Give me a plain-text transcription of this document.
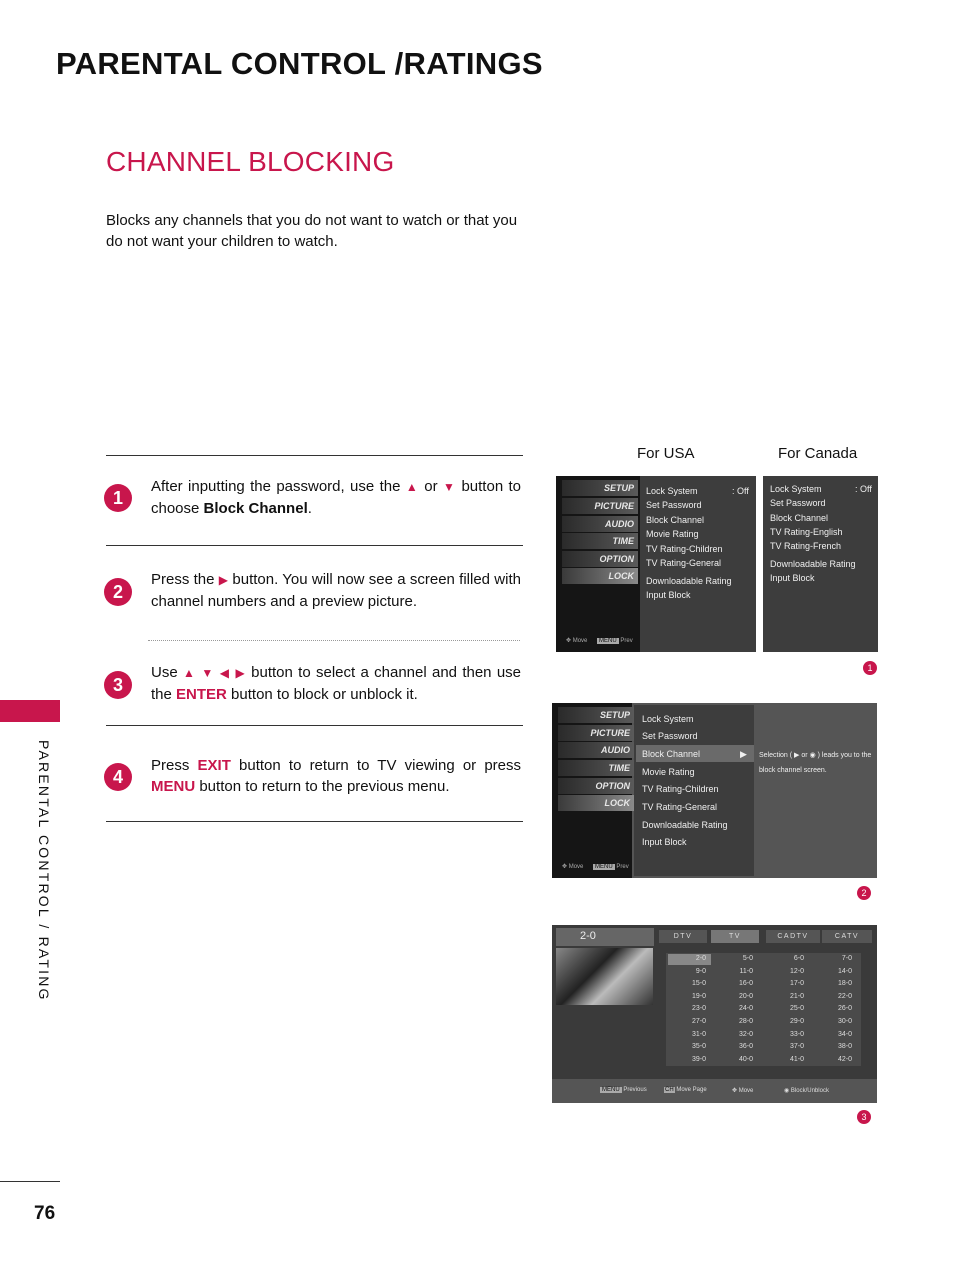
PARENTAL CONTROL /RATINGS
CHANNEL BLOCKING
Blocks any channels that you do not want to watch or that you do not want your children to watch.
1
After inputting the password, use the ▲ or ▼ button to choose Block Channel.
2
Press the ▶ button. You will now see a screen filled with channel numbers and a preview picture.
3
Use ▲ ▼ ◀ ▶ button to select a channel and then use the ENTER button to block or unblock it.
4
Press EXIT button to return to TV viewing or press MENU button to return to the previous menu.
PARENTAL CONTROL / RATING
76
For USA	For Canada
SETUP
PICTURE
AUDIO
TIME
OPTION
LOCK
✥ Move MENU Prev
Lock System	: Off
Set Password
Block Channel
Movie Rating
TV Rating-Children
TV Rating-General
Downloadable Rating
Input Block
Lock System	: Off
Set Password
Block Channel
TV Rating-English
TV Rating-French
Downloadable Rating
Input Block
1
SETUP
PICTURE
AUDIO
TIME
OPTION
LOCK
✥ Move MENU Prev
Lock System
Set Password
Block Channel	▶
Movie Rating
TV Rating-Children
TV Rating-General
Downloadable Rating
Input Block
Selection ( ▶ or ◉ ) leads you to the block channel screen.
2
2-0	DTV	TV	CADTV	CATV
2-0	5-0	6-0	7-0
9-0	11-0	12-0	14-0
15-0	16-0	17-0	18-0
19-0	20-0	21-0	22-0
23-0	24-0	25-0	26-0
27-0	28-0	29-0	30-0
31-0	32-0	33-0	34-0
35-0	36-0	37-0	38-0
39-0	40-0	41-0	42-0
MENU Previous	CH Move Page	✥ Move	◉ Block/Unblock
3
